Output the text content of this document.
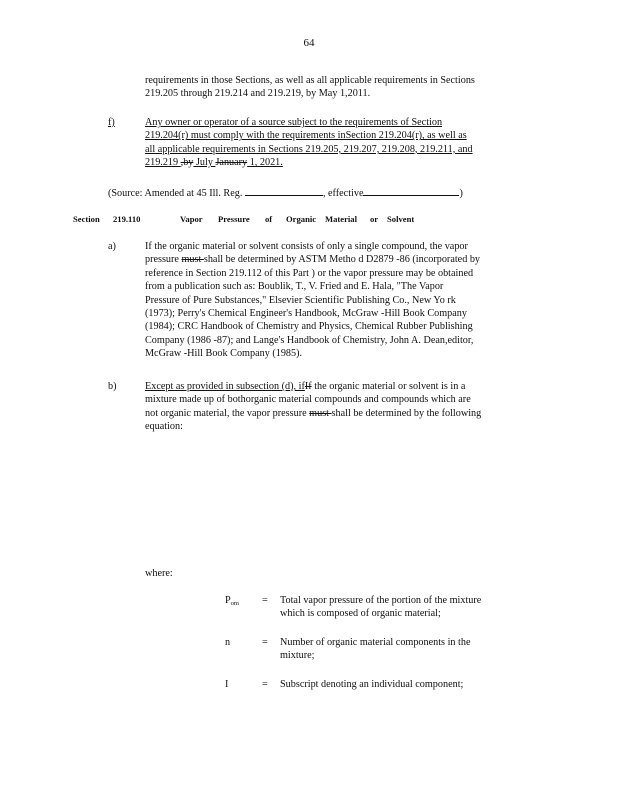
64
requirements in those Sections, as well as all applicable requirements in Sections
219.205 through 219.214 and 219.219, by May 1,2011.
f)	Any owner or operator of a source subject to the requirements of Section
219.204(r) must comply with the requirements inSection 219.204(r), as well as
all applicable requirements in Sections 219.205, 219.207, 219.208, 219.211, and
219.219 ,by July January 1, 2021.
(Source: Amended at 45 Ill. Reg.	, effective	)
Section 219.110	Vapor Pressure of Organic Material or Solvent
a)	If the organic material or solvent consists of only a single compound, the vapor
pressure must shall be determined by ASTM Metho d D2879 -86 (incorporated by
reference in Section 219.112 of this Part ) or the vapor pressure may be obtained
from a publication such as: Boublik, T., V. Fried and E. Hala, "The Vapor
Pressure of Pure Substances," Elsevier Scientific Publishing Co., New Yo rk
(1973); Perry's Chemical Engineer's Handbook, McGraw -Hill Book Company
(1984); CRC Handbook of Chemistry and Physics, Chemical Rubber Publishing
Company (1986 -87); and Lange's Handbook of Chemistry, John A. Dean,editor,
McGraw -Hill Book Company (1985).
b)	Except as provided in subsection (d), ifIf the organic material or solvent is in a
mixture made up of bothorganic material compounds and compounds which are
not organic material, the vapor pressure must shall be determined by the following
equation:
where:
$P_{om}$ = Total vapor pressure of the portion of the mixture
which is composed of organic material;
n	= Number of organic material components in the
mixture;
I	= Subscript denoting an individual component;
